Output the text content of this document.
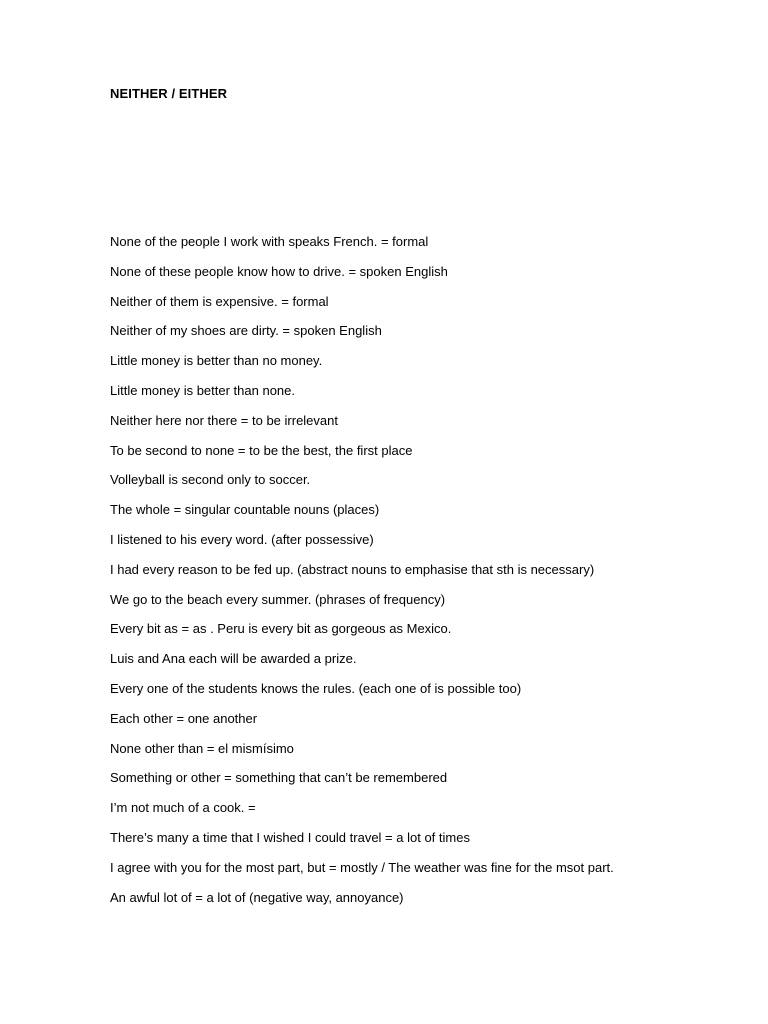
NEITHER / EITHER
None of the people I work with speaks French. = formal
None of these people know how to drive. = spoken English
Neither of them is expensive. = formal
Neither of my shoes are dirty. = spoken English
Little money is better than no money.
Little money is better than none.
Neither here nor there = to be irrelevant
To be second to none = to be the best, the first place
Volleyball is second only to soccer.
The whole = singular countable nouns (places)
I listened to his every word. (after possessive)
I had every reason to be fed up. (abstract nouns to emphasise that sth is necessary)
We go to the beach every summer. (phrases of frequency)
Every bit as = as . Peru is every bit as gorgeous as Mexico.
Luis and Ana each will be awarded a prize.
Every one of the students knows the rules. (each one of is possible too)
Each other = one another
None other than = el mismísimo
Something or other = something that can’t be remembered
I’m not much of a cook. =
There’s many a time that I wished I could travel = a lot of times
I agree with you for the most part, but = mostly / The weather was fine for the msot part.
An awful lot of = a lot of (negative way, annoyance)
